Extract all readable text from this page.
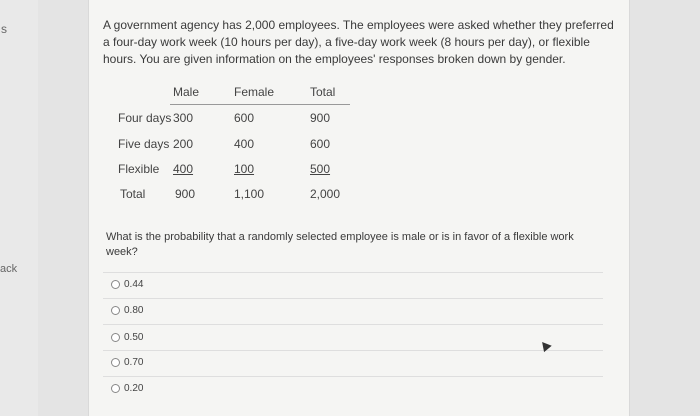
s
ack
A government agency has 2,000 employees. The employees were asked whether they preferred a four-day work week (10 hours per day), a five-day work week (8 hours per day), or flexible hours. You are given information on the employees' responses broken down by gender.
Male	Female	Total
Four days 300	600	900
Five days 200	400	600
Flexible 400	100	500
Total 900	1,100	2,000
What is the probability that a randomly selected employee is male or is in favor of a flexible work week?
0.44
0.80
0.50
0.70
0.20
